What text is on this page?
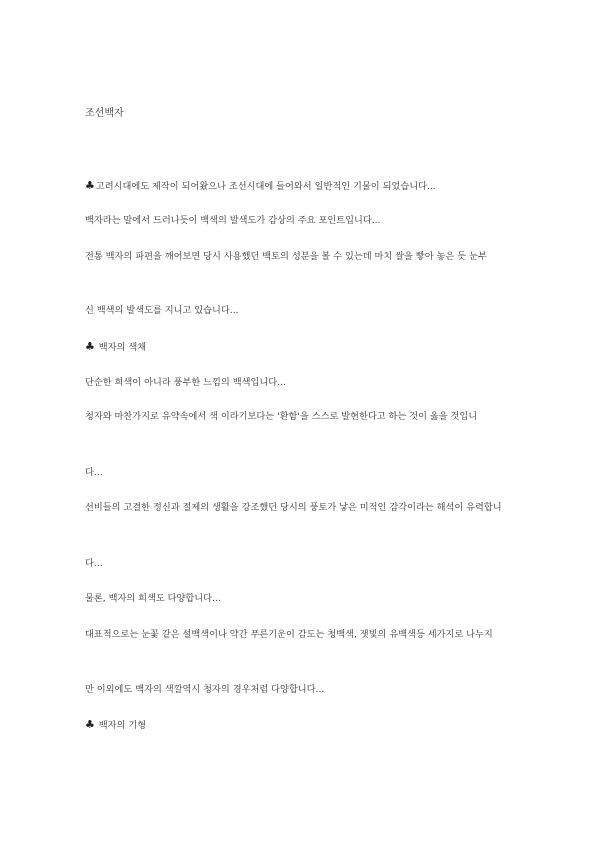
조선백자
♣고려시대에도 제작이 되어왔으나 조선시대에 들어와서 일반적인 기물이 되었습니다...
백자라는 말에서 드러나듯이 백색의 발색도가 감상의 주요 포인트입니다...
전통 백자의 파편을 깨어보면 당시 사용했던 백토의 성분을 볼 수 있는데 마치 쌀을 빻아 놓은 듯 눈부
신 백색의 발색도를 지니고 있습니다...
♣ 백자의 색채
단순한 희색이 아니라 풍부한 느낌의 백색입니다...
청자와 마찬가지로 유약속에서 색 이라기보다는 '환함'을 스스로 발현한다고 하는 것이 옳을 것입니
다...
선비들의 고결한 정신과 절제의 생활을 강조했던 당시의 풍토가 낳은 미적인 감각이라는 해석이 유력합니
다...
물론, 백자의 희색도 다양합니다...
대표적으로는 눈꽃 같은 설백색이나 약간 푸른기운이 감도는 청백색, 잿빛의 유백색등 세가지로 나누지
만 이외에도 백자의 색깔역시 청자의 경우처럼 다양합니다...
♣ 백자의 기형
